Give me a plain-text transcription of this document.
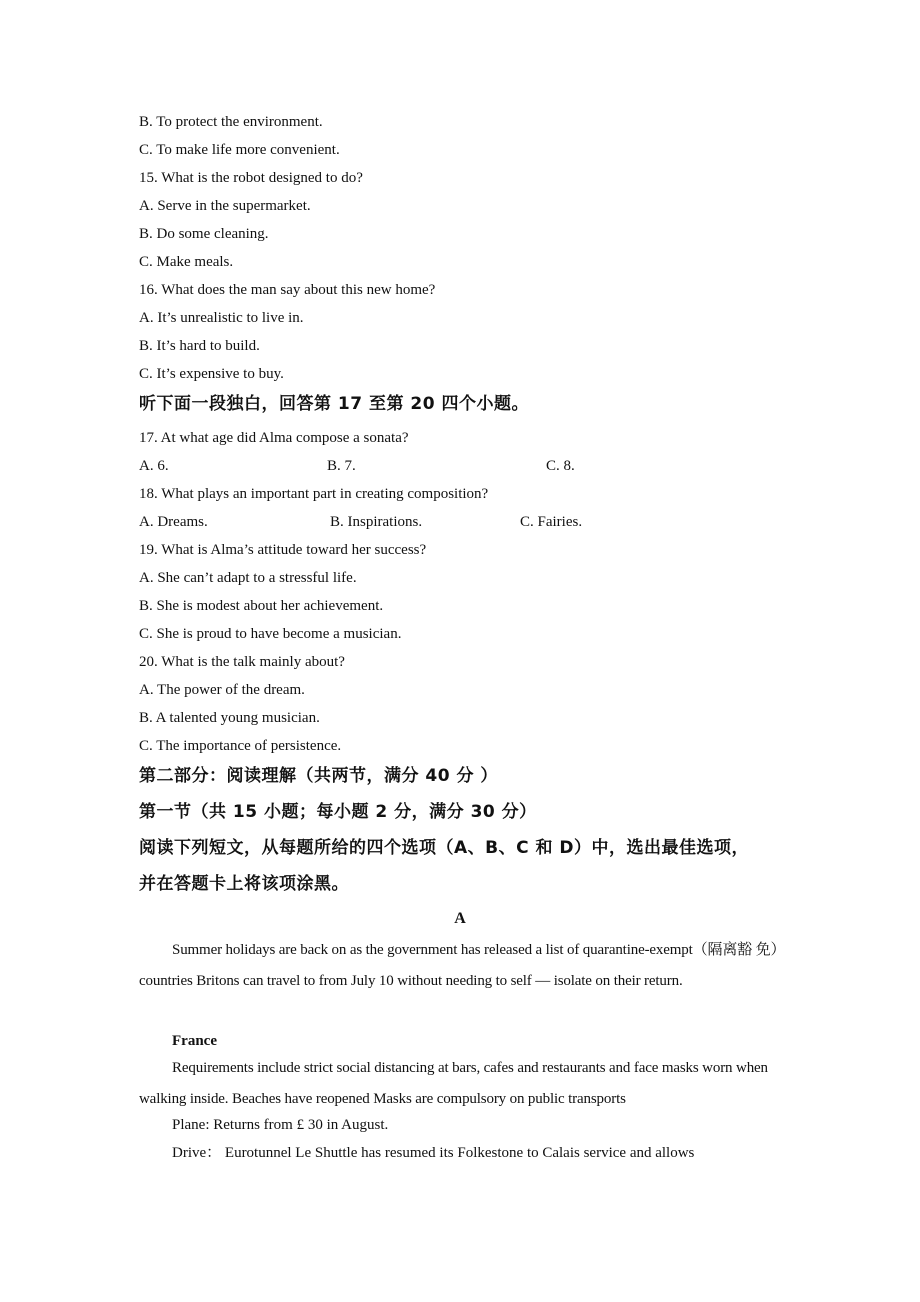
B. To protect the environment.
C. To make life more convenient.
15. What is the robot designed to do?
A. Serve in the supermarket.
B. Do some cleaning.
C. Make meals.
16. What does the man say about this new home?
A. It’s unrealistic to live in.
B. It’s hard to build.
C. It’s expensive to buy.
听下面一段独白，回答第 17 至第 20 四个小题。
17. At what age did Alma compose a sonata?
A. 6.	B. 7.	C. 8.
18. What plays an important part in creating composition?
A. Dreams.	B. Inspirations.	C. Fairies.
19. What is Alma’s attitude toward her success?
A. She can’t adapt to a stressful life.
B. She is modest about her achievement.
C. She is proud to have become a musician.
20. What is the talk mainly about?
A. The power of the dream.
B. A talented young musician.
C. The importance of persistence.
第二部分：阅读理解（共两节，满分 40 分 ）
第一节（共 15 小题；每小题 2 分，满分 30 分）
阅读下列短文，从每题所给的四个选项（A、B、C 和 D）中，选出最佳选项，
并在答题卡上将该项涂黑。
A
Summer holidays are back on as the government has released a list of quarantine-exempt（隔离豁 免）countries Britons can travel to from July 10 without needing to self — isolate on their return.
France
Requirements include strict social distancing at bars, cafes and restaurants and face masks worn when walking inside. Beaches have reopened Masks are compulsory on public transports
Plane: Returns from £ 30 in August.
Drive： Eurotunnel Le Shuttle has resumed its Folkestone to Calais service and allows
